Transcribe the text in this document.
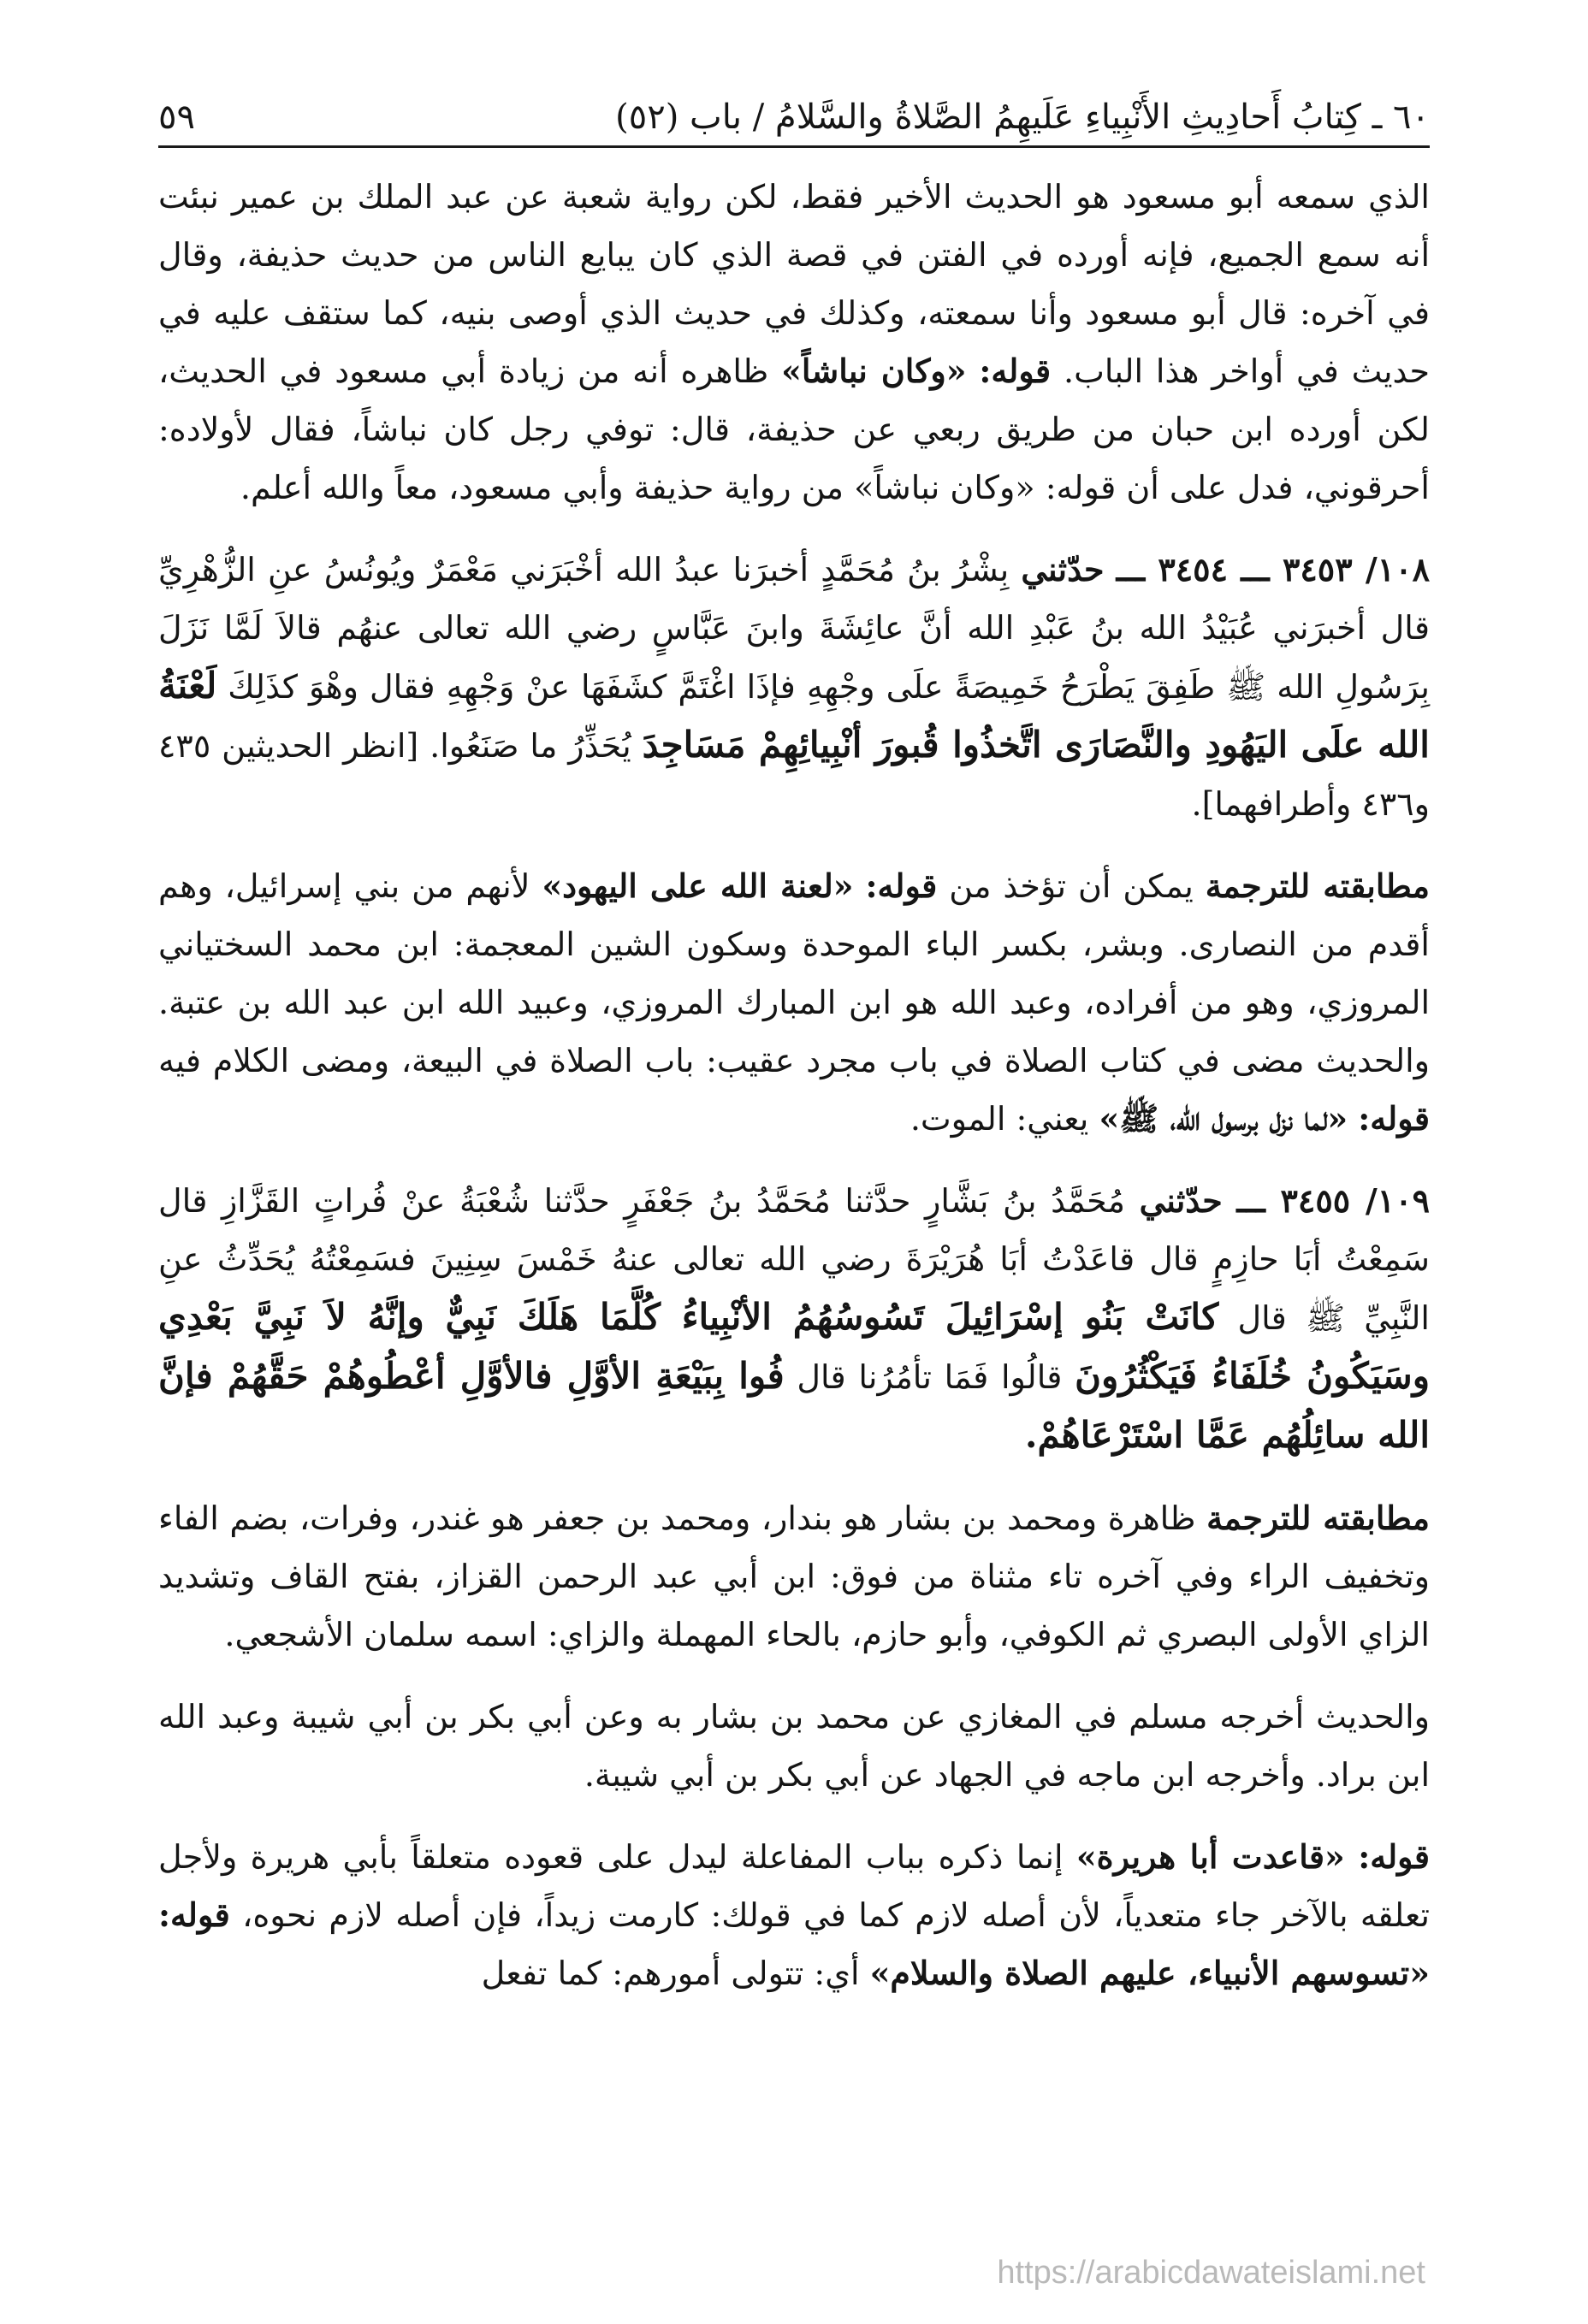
٦٠ ـ كِتابُ أَحادِيثِ الأَنْبِياءِ عَلَيهِمُ الصَّلاةُ والسَّلامُ / باب (٥٢)
٥٩

الذي سمعه أبو مسعود هو الحديث الأخير فقط، لكن رواية شعبة عن عبد الملك بن عمير نبئت أنه سمع الجميع، فإنه أورده في الفتن في قصة الذي كان يبايع الناس من حديث حذيفة، وقال في آخره: قال أبو مسعود وأنا سمعته، وكذلك في حديث الذي أوصى بنيه، كما ستقف عليه في حديث في أواخر هذا الباب. قوله: «وكان نباشاً» ظاهره أنه من زيادة أبي مسعود في الحديث، لكن أورده ابن حبان من طريق ربعي عن حذيفة، قال: توفي رجل كان نباشاً، فقال لأولاده: أحرقوني، فدل على أن قوله: «وكان نباشاً» من رواية حذيفة وأبي مسعود، معاً والله أعلم.

١٠٨/ ٣٤٥٣ ـــ ٣٤٥٤ ـــ حدّثني بِشْرُ بنُ مُحَمَّدٍ أخبرَنا عبدُ الله أخْبَرَني مَعْمَرٌ ويُونُسُ عنِ الزُّهْرِيِّ قال أخبرَني عُبَيْدُ الله بنُ عَبْدِ الله أنَّ عائِشَةَ وابنَ عَبَّاسٍ رضي الله تعالى عنهُم قالاَ لَمَّا نَزَلَ بِرَسُولِ الله ﷺ طَفِقَ يَطْرَحُ خَمِيصَةً علَى وجْهِهِ فإذَا اغْتَمَّ كشَفَهَا عنْ وَجْهِهِ فقال وهْوَ كذَلِكَ لَعْنَةُ الله علَى اليَهُودِ والنَّصَارَى اتَّخذُوا قُبورَ أنْبِيائِهِمْ مَسَاجِدَ يُحَذِّرُ ما صَنَعُوا. [انظر الحديثين ٤٣٥ و٤٣٦ وأطرافهما].

مطابقته للترجمة يمكن أن تؤخذ من قوله: «لعنة الله على اليهود» لأنهم من بني إسرائيل، وهم أقدم من النصارى. وبشر، بكسر الباء الموحدة وسكون الشين المعجمة: ابن محمد السختياني المروزي، وهو من أفراده، وعبد الله هو ابن المبارك المروزي، وعبيد الله ابن عبد الله بن عتبة. والحديث مضى في كتاب الصلاة في باب مجرد عقيب: باب الصلاة في البيعة، ومضى الكلام فيه قوله: «لما نزل برسول الله، ﷺ» يعني: الموت.

١٠٩/ ٣٤٥٥ ـــ حدّثني مُحَمَّدُ بنُ بَشَّارٍ حدَّثنا مُحَمَّدُ بنُ جَعْفَرٍ حدَّثنا شُعْبَةُ عنْ فُراتٍ القَزَّازِ قال سَمِعْتُ أبَا حازِمٍ قال قاعَدْتُ أبَا هُرَيْرَةَ رضي الله تعالى عنهُ خَمْسَ سِنِينَ فسَمِعْتُهُ يُحَدِّثُ عنِ النَّبِيِّ ﷺ قال كانَتْ بَنُو إسْرَائِيلَ تَسُوسُهُمُ الأنْبِياءُ كُلَّمَا هَلَكَ نَبِيٌّ وإنَّهُ لاَ نَبِيَّ بَعْدِي وسَيَكُونُ خُلَفَاءُ فَيَكْثُرُونَ قالُوا فَمَا تأمُرُنا قال فُوا بِبَيْعَةِ الأوَّلِ فالأوَّلِ أعْطُوهُمْ حَقَّهُمْ فإنَّ الله سائِلُهُم عَمَّا اسْتَرْعَاهُمْ.

مطابقته للترجمة ظاهرة ومحمد بن بشار هو بندار، ومحمد بن جعفر هو غندر، وفرات، بضم الفاء وتخفيف الراء وفي آخره تاء مثناة من فوق: ابن أبي عبد الرحمن القزاز، بفتح القاف وتشديد الزاي الأولى البصري ثم الكوفي، وأبو حازم، بالحاء المهملة والزاي: اسمه سلمان الأشجعي.

والحديث أخرجه مسلم في المغازي عن محمد بن بشار به وعن أبي بكر بن أبي شيبة وعبد الله ابن براد. وأخرجه ابن ماجه في الجهاد عن أبي بكر بن أبي شيبة.

قوله: «قاعدت أبا هريرة» إنما ذكره بباب المفاعلة ليدل على قعوده متعلقاً بأبي هريرة ولأجل تعلقه بالآخر جاء متعدياً، لأن أصله لازم كما في قولك: كارمت زيداً، فإن أصله لازم نحوه، قوله: «تسوسهم الأنبياء، عليهم الصلاة والسلام» أي: تتولى أمورهم: كما تفعل

https://arabicdawateislami.net
